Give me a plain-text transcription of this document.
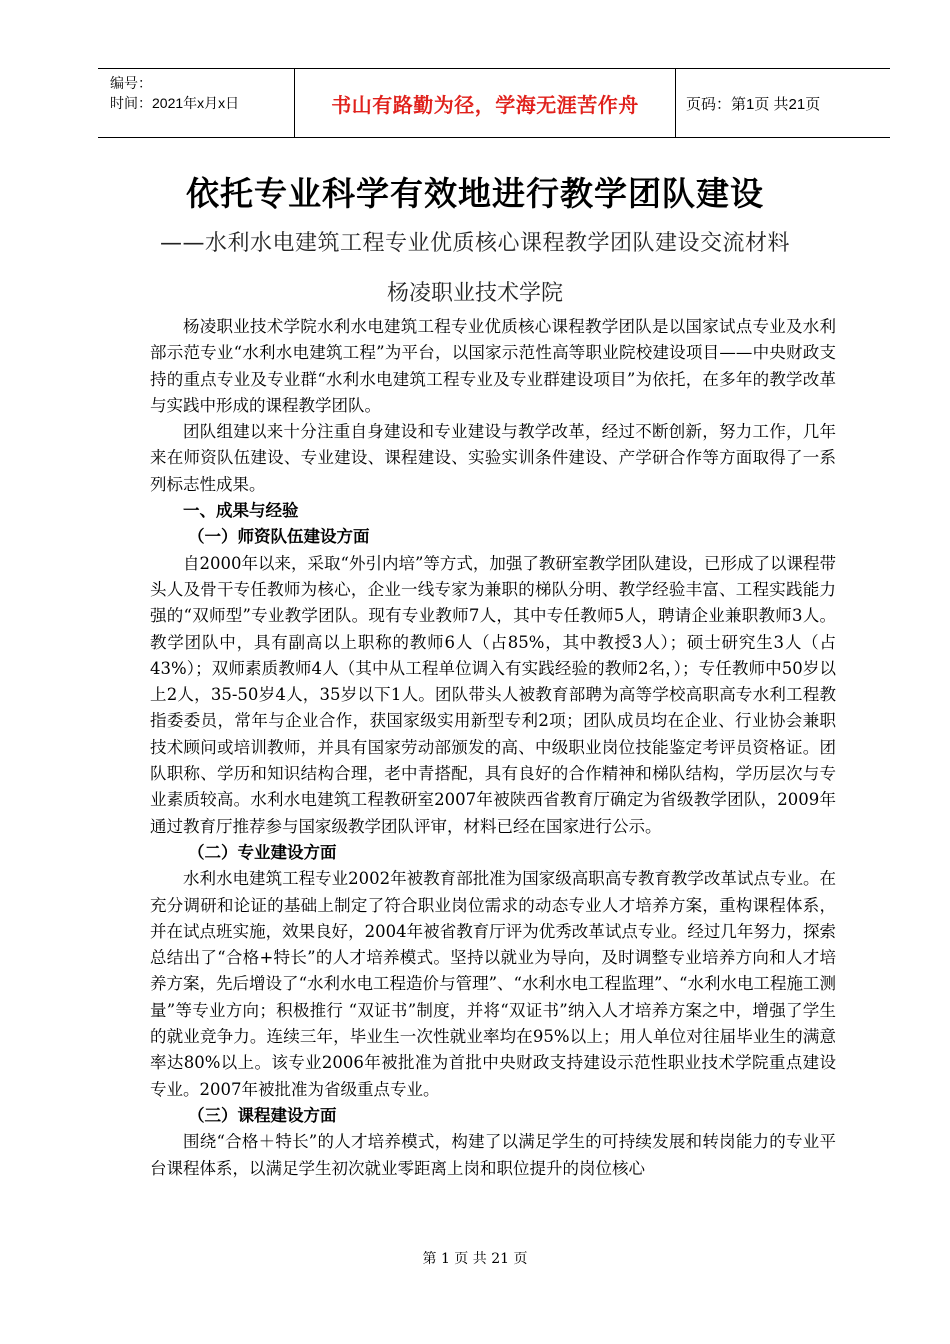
编号：
时间：2021年x月x日	书山有路勤为径，学海无涯苦作舟	页码：第1页 共21页
依托专业科学有效地进行教学团队建设
——水利水电建筑工程专业优质核心课程教学团队建设交流材料
杨凌职业技术学院

杨凌职业技术学院水利水电建筑工程专业优质核心课程教学团队是以国家试点专业及水利部示范专业“水利水电建筑工程”为平台，以国家示范性高等职业院校建设项目——中央财政支持的重点专业及专业群“水利水电建筑工程专业及专业群建设项目”为依托，在多年的教学改革与实践中形成的课程教学团队。

团队组建以来十分注重自身建设和专业建设与教学改革，经过不断创新，努力工作，几年来在师资队伍建设、专业建设、课程建设、实验实训条件建设、产学研合作等方面取得了一系列标志性成果。

一、成果与经验
（一）师资队伍建设方面

自2000年以来，采取“外引内培”等方式，加强了教研室教学团队建设，已形成了以课程带头人及骨干专任教师为核心，企业一线专家为兼职的梯队分明、教学经验丰富、工程实践能力强的“双师型”专业教学团队。现有专业教师7人，其中专任教师5人，聘请企业兼职教师3人。教学团队中，具有副高以上职称的教师6人（占85%，其中教授3人）；硕士研究生3人（占43%）；双师素质教师4人（其中从工程单位调入有实践经验的教师2名，）；专任教师中50岁以上2人，35-50岁4人，35岁以下1人。团队带头人被教育部聘为高等学校高职高专水利工程教指委委员，常年与企业合作，获国家级实用新型专利2项；团队成员均在企业、行业协会兼职技术顾问或培训教师，并具有国家劳动部颁发的高、中级职业岗位技能鉴定考评员资格证。团队职称、学历和知识结构合理，老中青搭配，具有良好的合作精神和梯队结构，学历层次与专业素质较高。水利水电建筑工程教研室2007年被陕西省教育厅确定为省级教学团队，2009年通过教育厅推荐参与国家级教学团队评审，材料已经在国家进行公示。

（二）专业建设方面

水利水电建筑工程专业2002年被教育部批准为国家级高职高专教育教学改革试点专业。在充分调研和论证的基础上制定了符合职业岗位需求的动态专业人才培养方案，重构课程体系，并在试点班实施，效果良好，2004年被省教育厅评为优秀改革试点专业。经过几年努力，探索总结出了“合格+特长”的人才培养模式。坚持以就业为导向，及时调整专业培养方向和人才培养方案，先后增设了“水利水电工程造价与管理”、“水利水电工程监理”、“水利水电工程施工测量”等专业方向；积极推行 “双证书”制度，并将“双证书”纳入人才培养方案之中，增强了学生的就业竞争力。连续三年，毕业生一次性就业率均在95%以上；用人单位对往届毕业生的满意率达80%以上。该专业2006年被批准为首批中央财政支持建设示范性职业技术学院重点建设专业。2007年被批准为省级重点专业。

（三）课程建设方面

围绕“合格＋特长”的人才培养模式，构建了以满足学生的可持续发展和转岗能力的专业平台课程体系，以满足学生初次就业零距离上岗和职位提升的岗位核心

第 1 页 共 21 页
